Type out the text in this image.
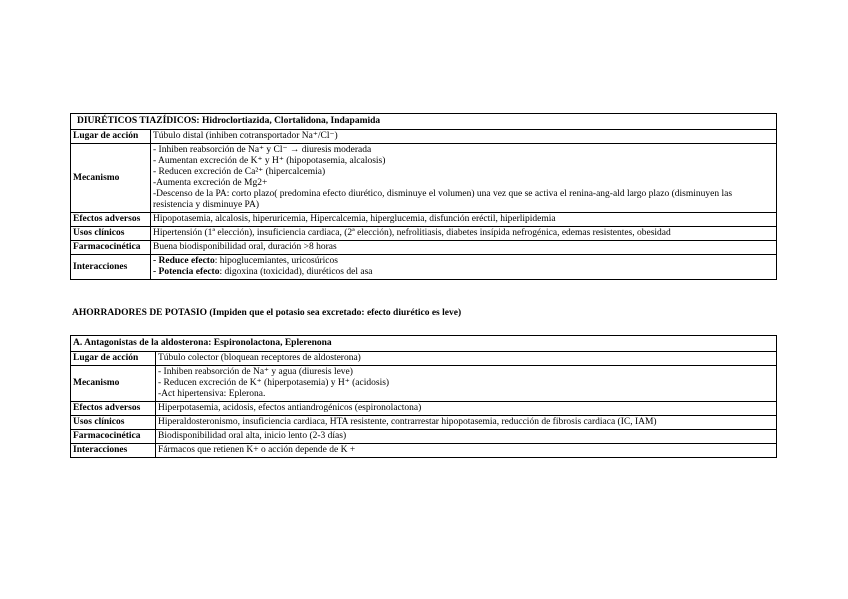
DIURÉTICOS TIAZÍDICOS: Hidroclortiazida, Clortalidona, Indapamida	
Lugar de acción	Túbulo distal (inhiben cotransportador Na⁺/Cl⁻)
Mecanismo	- Inhiben reabsorción de Na⁺ y Cl⁻ → diuresis moderada
- Aumentan excreción de K⁺ y H⁺ (hipopotasemia, alcalosis)
- Reducen excreción de Ca²⁺ (hipercalcemia)
-Aumenta excreción de Mg2+
-Descenso de la PA: corto plazo( predomina efecto diurético, disminuye el volumen) una vez que se activa el renina-ang-ald largo plazo (disminuyen las resistencia y disminuye PA)

Efectos adversos	Hipopotasemia, alcalosis, hiperuricemia, Hipercalcemia, hiperglucemia, disfunción eréctil, hiperlipidemia
Usos clínicos	Hipertensión (1ª elección), insuficiencia cardiaca, (2ª elección), nefrolitiasis, diabetes insípida nefrogénica, edemas resistentes, obesidad
Farmacocinética	Buena biodisponibilidad oral, duración >8 horas
Interacciones	- Reduce efecto: hipoglucemiantes, uricosúricos
- Potencia efecto: digoxina (toxicidad), diuréticos del asa
AHORRADORES DE POTASIO (Impiden que el potasio sea excretado: efecto diurético es leve)
A. Antagonistas de la aldosterona: Espironolactona, Eplerenona	
Lugar de acción	Túbulo colector (bloquean receptores de aldosterona)
Mecanismo	- Inhiben reabsorción de Na⁺ y agua (diuresis leve)
- Reducen excreción de K⁺ (hiperpotasemia) y H⁺ (acidosis)
-Act hipertensiva: Eplerona.

Efectos adversos	Hiperpotasemia, acidosis, efectos antiandrogénicos (espironolactona)
Usos clínicos	Hiperaldosteronismo, insuficiencia cardiaca, HTA resistente, contrarrestar hipopotasemia, reducción de fibrosis cardiaca (IC, IAM)
Farmacocinética	Biodisponibilidad oral alta, inicio lento (2-3 días)
Interacciones	Fármacos que retienen K+ o acción depende de K +
